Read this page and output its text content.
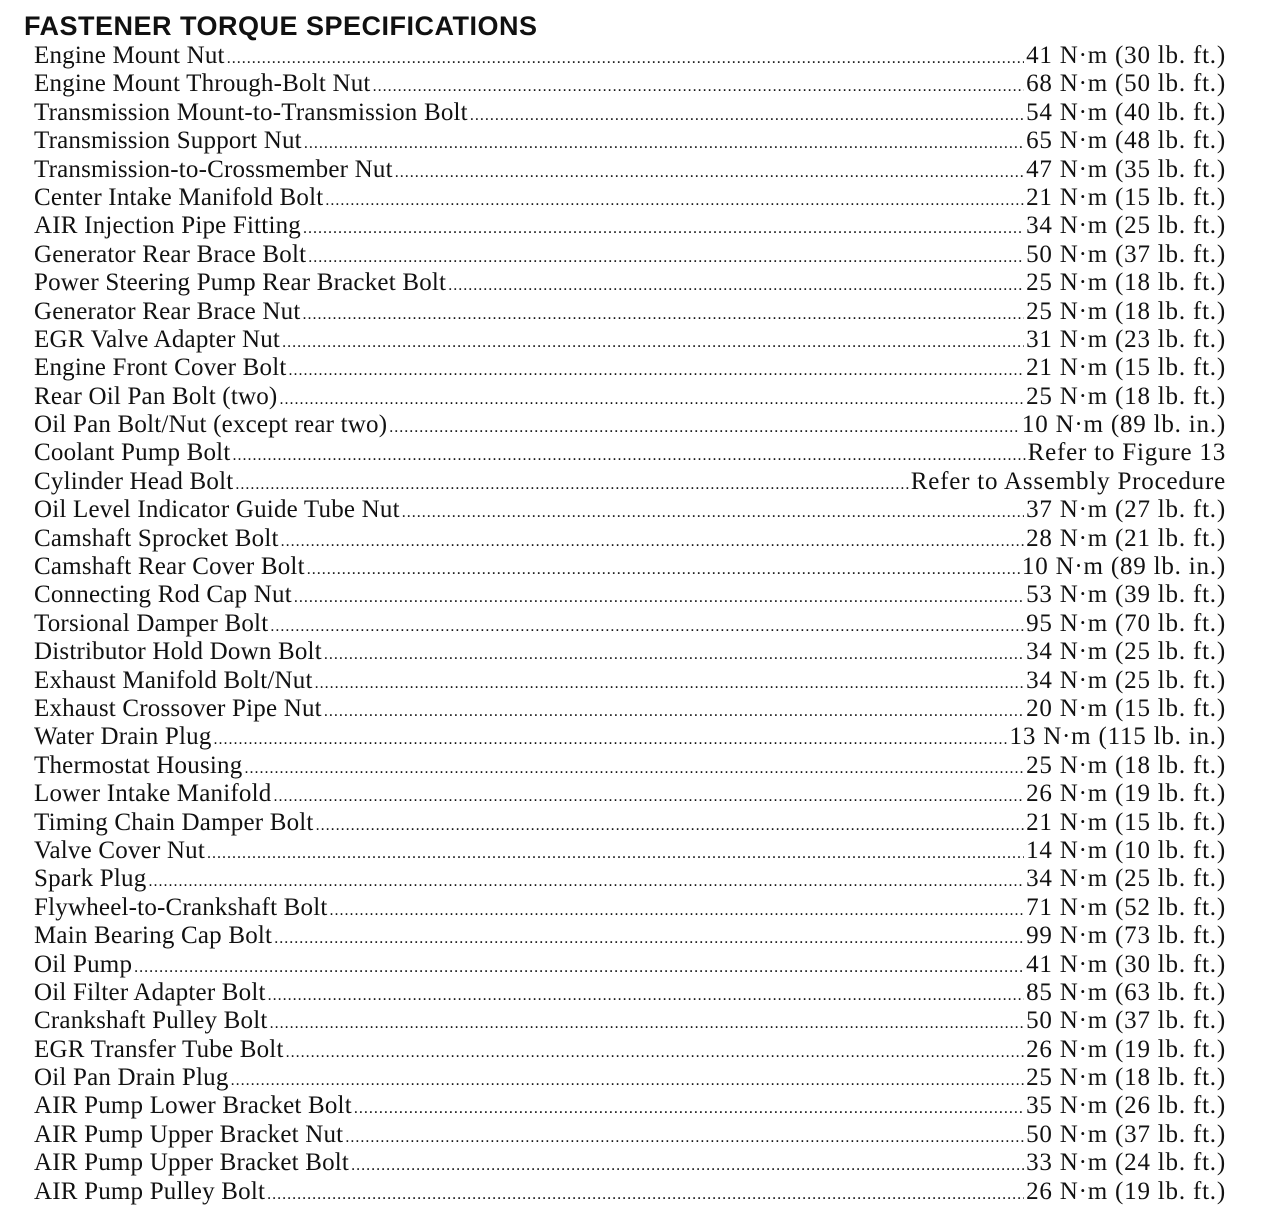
FASTENER TORQUE SPECIFICATIONS
Engine Mount Nut .....	41 N·m (30 lb. ft.)
Engine Mount Through-Bolt Nut .....	68 N·m (50 lb. ft.)
Transmission Mount-to-Transmission Bolt .....	54 N·m (40 lb. ft.)
Transmission Support Nut .....	65 N·m (48 lb. ft.)
Transmission-to-Crossmember Nut .....	47 N·m (35 lb. ft.)
Center Intake Manifold Bolt .....	21 N·m (15 lb. ft.)
AIR Injection Pipe Fitting .....	34 N·m (25 lb. ft.)
Generator Rear Brace Bolt .....	50 N·m (37 lb. ft.)
Power Steering Pump Rear Bracket Bolt .....	25 N·m (18 lb. ft.)
Generator Rear Brace Nut .....	25 N·m (18 lb. ft.)
EGR Valve Adapter Nut .....	31 N·m (23 lb. ft.)
Engine Front Cover Bolt .....	21 N·m (15 lb. ft.)
Rear Oil Pan Bolt (two) .....	25 N·m (18 lb. ft.)
Oil Pan Bolt/Nut (except rear two) .....	10 N·m (89 lb. in.)
Coolant Pump Bolt .....	Refer to Figure 13
Cylinder Head Bolt .....	Refer to Assembly Procedure
Oil Level Indicator Guide Tube Nut .....	37 N·m (27 lb. ft.)
Camshaft Sprocket Bolt .....	28 N·m (21 lb. ft.)
Camshaft Rear Cover Bolt .....	10 N·m (89 lb. in.)
Connecting Rod Cap Nut .....	53 N·m (39 lb. ft.)
Torsional Damper Bolt .....	95 N·m (70 lb. ft.)
Distributor Hold Down Bolt .....	34 N·m (25 lb. ft.)
Exhaust Manifold Bolt/Nut .....	34 N·m (25 lb. ft.)
Exhaust Crossover Pipe Nut .....	20 N·m (15 lb. ft.)
Water Drain Plug .....	13 N·m (115 lb. in.)
Thermostat Housing .....	25 N·m (18 lb. ft.)
Lower Intake Manifold .....	26 N·m (19 lb. ft.)
Timing Chain Damper Bolt .....	21 N·m (15 lb. ft.)
Valve Cover Nut .....	14 N·m (10 lb. ft.)
Spark Plug .....	34 N·m (25 lb. ft.)
Flywheel-to-Crankshaft Bolt .....	71 N·m (52 lb. ft.)
Main Bearing Cap Bolt .....	99 N·m (73 lb. ft.)
Oil Pump .....	41 N·m (30 lb. ft.)
Oil Filter Adapter Bolt .....	85 N·m (63 lb. ft.)
Crankshaft Pulley Bolt .....	50 N·m (37 lb. ft.)
EGR Transfer Tube Bolt .....	26 N·m (19 lb. ft.)
Oil Pan Drain Plug .....	25 N·m (18 lb. ft.)
AIR Pump Lower Bracket Bolt .....	35 N·m (26 lb. ft.)
AIR Pump Upper Bracket Nut .....	50 N·m (37 lb. ft.)
AIR Pump Upper Bracket Bolt .....	33 N·m (24 lb. ft.)
AIR Pump Pulley Bolt .....	26 N·m (19 lb. ft.)
